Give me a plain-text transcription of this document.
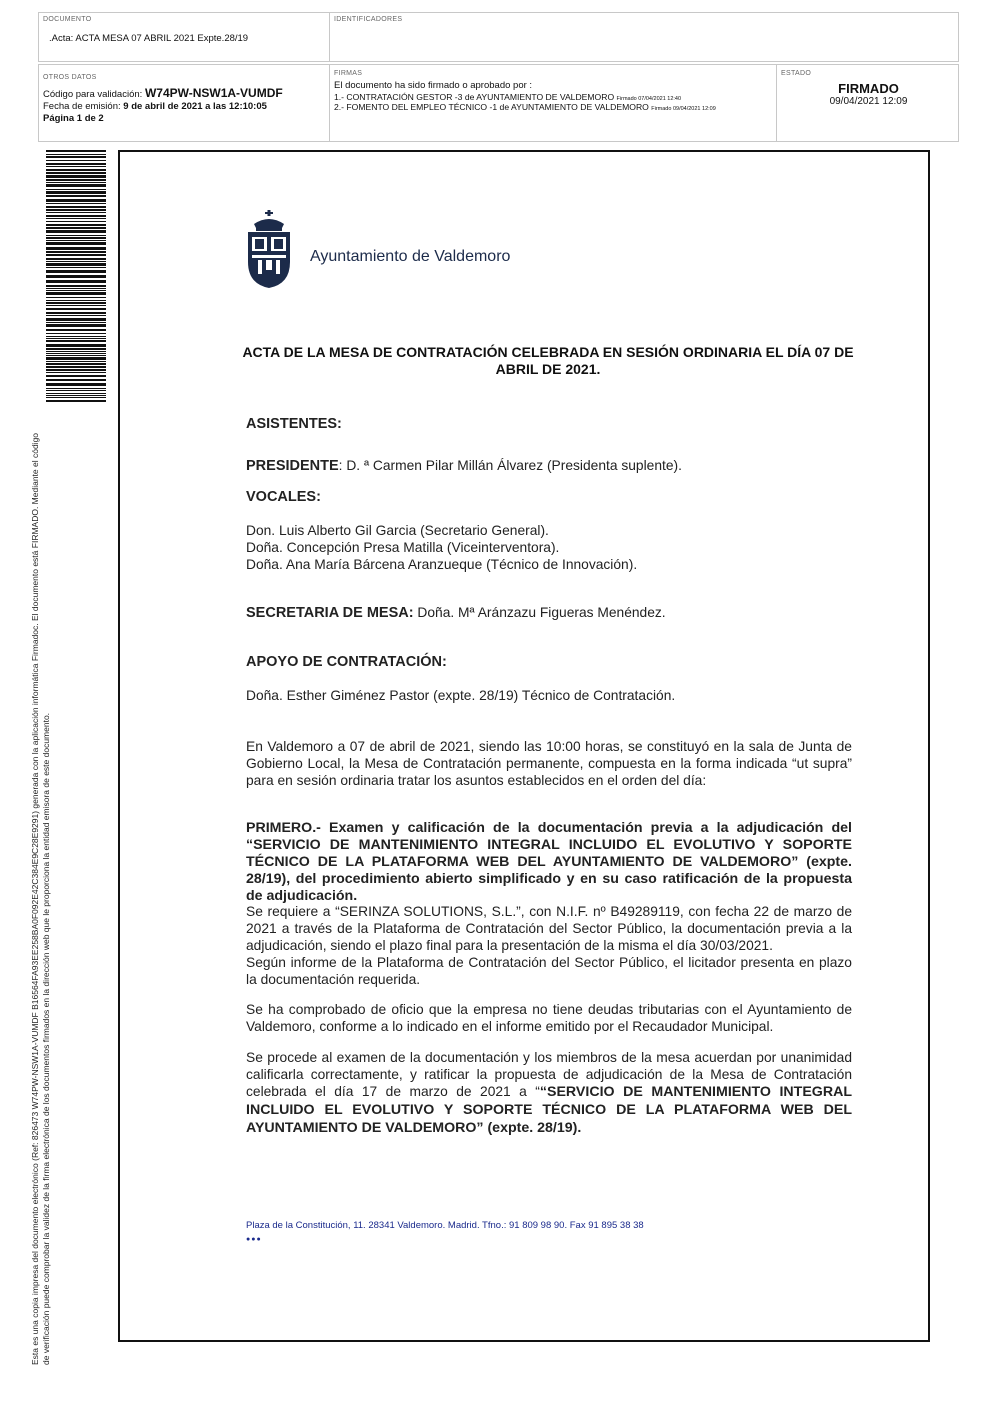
DOCUMENTO
.Acta: ACTA MESA 07 ABRIL 2021 Expte.28/19
IDENTIFICADORES
OTROS DATOS
Código para validación: W74PW-NSW1A-VUMDF
Fecha de emisión: 9 de abril de 2021 a las 12:10:05
Página 1 de 2
FIRMAS
El documento ha sido firmado o aprobado por :
1.- CONTRATACIÓN GESTOR -3 de AYUNTAMIENTO DE VALDEMORO Firmado 07/04/2021 12:40
2.- FOMENTO DEL EMPLEO TÉCNICO -1 de AYUNTAMIENTO DE VALDEMORO Firmado 09/04/2021 12:09
ESTADO
FIRMADO
09/04/2021 12:09
Esta es una copia impresa del documento electrónico (Ref: 826473 W74PW-NSW1A-VUMDF B16564FA93EE258BA0F092E42C384E9C28E9291) generada con la aplicación informática Firmadoc. El documento está FIRMADO. Mediante el código de verificación puede comprobar la validez de la firma electrónica de los documentos firmados en la dirección web que le proporciona la entidad emisora de este documento.
Ayuntamiento de Valdemoro
ACTA DE LA MESA DE CONTRATACIÓN CELEBRADA EN SESIÓN ORDINARIA EL DÍA 07 DE
ABRIL DE 2021.
ASISTENTES:
PRESIDENTE: D. ª Carmen Pilar Millán Álvarez (Presidenta suplente).
VOCALES:
Don. Luis Alberto Gil Garcia (Secretario General).
Doña. Concepción Presa Matilla (Viceinterventora).
Doña. Ana María Bárcena Aranzueque (Técnico de Innovación).
SECRETARIA DE MESA: Doña. Mª Aránzazu Figueras Menéndez.
APOYO DE CONTRATACIÓN:
Doña. Esther Giménez Pastor (expte. 28/19) Técnico de Contratación.
En Valdemoro a 07 de abril de 2021, siendo las 10:00 horas, se constituyó en la sala de Junta de Gobierno Local, la Mesa de Contratación permanente, compuesta en la forma indicada “ut supra” para en sesión ordinaria tratar los asuntos establecidos en el orden del día:
PRIMERO.- Examen y calificación de la documentación previa a la adjudicación del “SERVICIO DE MANTENIMIENTO INTEGRAL INCLUIDO EL EVOLUTIVO Y SOPORTE TÉCNICO DE LA PLATAFORMA WEB DEL AYUNTAMIENTO DE VALDEMORO” (expte. 28/19), del procedimiento abierto simplificado y en su caso ratificación de la propuesta de adjudicación.
Se requiere a “SERINZA SOLUTIONS, S.L.”, con N.I.F. nº B49289119, con fecha 22 de marzo de 2021 a través de la Plataforma de Contratación del Sector Público, la documentación previa a la adjudicación, siendo el plazo final para la presentación de la misma el día 30/03/2021.
Según informe de la Plataforma de Contratación del Sector Público, el licitador presenta en plazo la documentación requerida.
Se ha comprobado de oficio que la empresa no tiene deudas tributarias con el Ayuntamiento de Valdemoro, conforme a lo indicado en el informe emitido por el Recaudador Municipal.
Se procede al examen de la documentación y los miembros de la mesa acuerdan por unanimidad calificarla correctamente, y ratificar la propuesta de adjudicación de la Mesa de Contratación celebrada el día 17 de marzo de 2021 a ““SERVICIO DE MANTENIMIENTO INTEGRAL INCLUIDO EL EVOLUTIVO Y SOPORTE TÉCNICO DE LA PLATAFORMA WEB DEL AYUNTAMIENTO DE VALDEMORO” (expte. 28/19).
Plaza de la Constitución, 11. 28341 Valdemoro. Madrid. Tfno.: 91 809 98 90. Fax 91 895 38 38
●●●
